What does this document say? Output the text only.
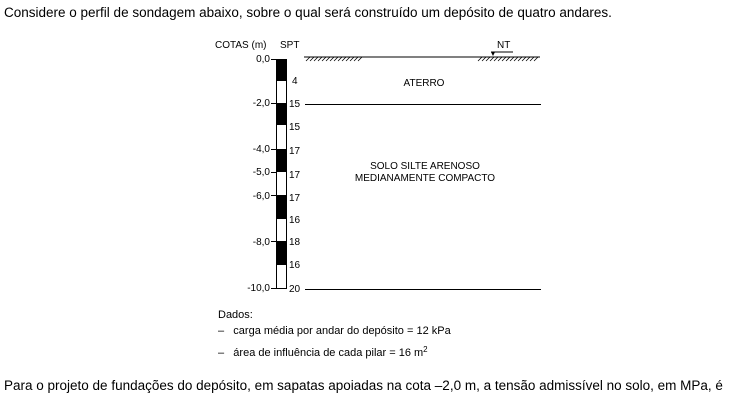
Considere o perfil de sondagem abaixo, sobre o qual será construído um depósito de quatro andares.
COTAS (m) SPT	NT
0,0
-2,0
-4,0
-5,0
-6,0
-8,0
-10,0
4
15
15
17
17
17
16
18
16
20
ATERRO
SOLO SILTE ARENOSO
MEDIANAMENTE COMPACTO
Dados:
–   carga média por andar do depósito = 12 kPa
–   área de influência de cada pilar = 16 $m^2$
Para o projeto de fundações do depósito, em sapatas apoiadas na cota –2,0 m, a tensão admissível no solo, em MPa, é
